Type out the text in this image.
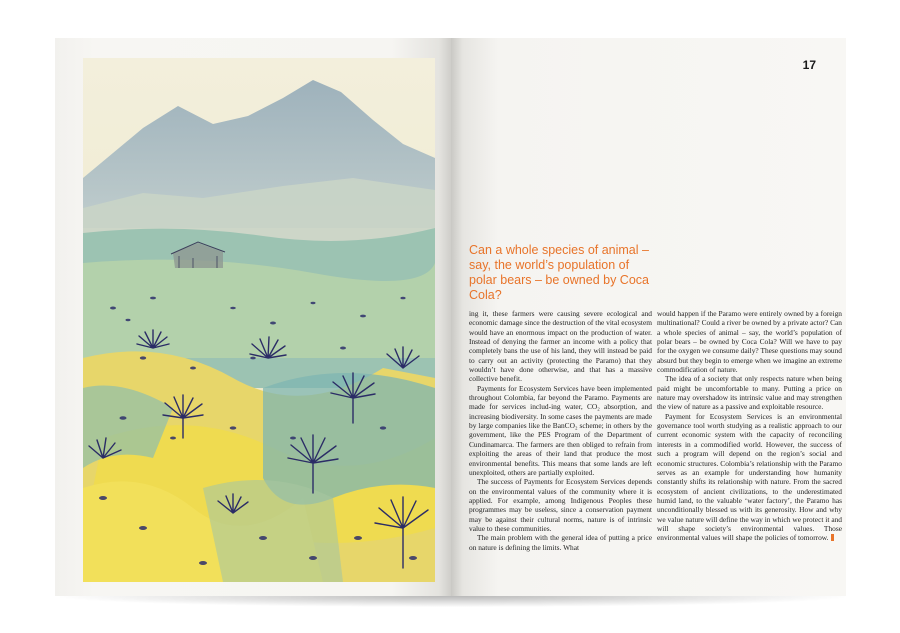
17
Can a whole species of animal – say, the world’s population of polar bears – be owned by Coca Cola?

ing it, these farmers were causing severe ecological and economic damage since the destruction of the vital ecosystem would have an enormous impact on the production of water. Instead of denying the farmer an income with a policy that completely bans the use of his land, they will instead be paid to carry out an activity (protecting the Paramo) that they wouldn’t have done otherwise, and that has a massive collective benefit.

Payments for Ecosystem Services have been implemented throughout Colombia, far beyond the Paramo. Payments are made for services includ-ing water, CO₂ absorption, and increasing biodiversity. In some cases the payments are made by large companies like the BanCO₂ scheme; in others by the government, like the PES Program of the Department of Cundinamarca. The farmers are then obliged to refrain from exploiting the areas of their land that produce the most environmental benefits. This means that some lands are left unexploited, others are partially exploited.

The success of Payments for Ecosystem Services depends on the environmental values of the community where it is applied. For example, among Indigenous Peoples these programmes may be useless, since a conservation payment may be against their cultural norms, nature is of intrinsic value to these communities.

The main problem with the general idea of putting a price on nature is defining the limits. What

would happen if the Paramo were entirely owned by a foreign multinational? Could a river be owned by a private actor? Can a whole species of animal – say, the world’s population of polar bears – be owned by Coca Cola? Will we have to pay for the oxygen we consume daily? These questions may sound absurd but they begin to emerge when we imagine an extreme commodification of nature.

The idea of a society that only respects nature when being paid might be uncomfortable to many. Putting a price on nature may overshadow its intrinsic value and may strengthen the view of nature as a passive and exploitable resource.

Payment for Ecosystem Services is an environmental governance tool worth studying as a realistic approach to our current economic system with the capacity of reconciling interests in a commodified world. However, the success of such a program will depend on the region’s social and economic structures. Colombia’s relationship with the Paramo serves as an example for understanding how humanity constantly shifts its relationship with nature. From the sacred ecosystem of ancient civilizations, to the underestimated humid land, to the valuable ‘water factory’, the Paramo has unconditionally blessed us with its generosity. How and why we value nature will define the way in which we protect it and will shape society’s environmental values. Those environmental values will shape the policies of tomorrow.
